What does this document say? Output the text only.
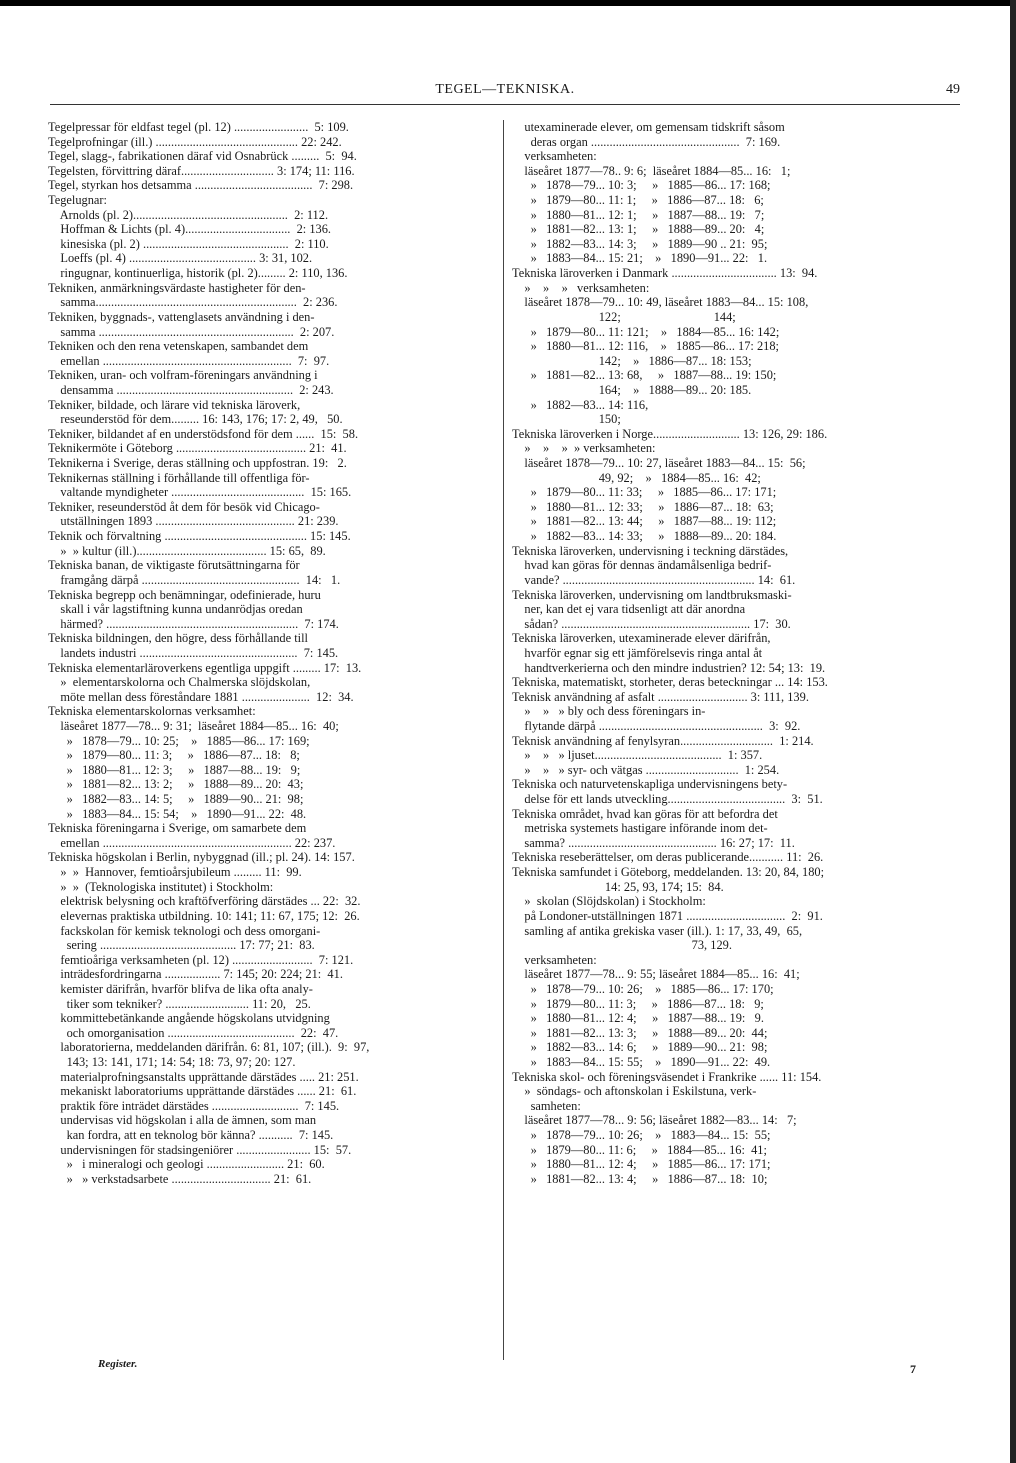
TEGEL—TEKNISKA.	49
Tegelpressar för eldfast tegel (pl. 12) ........................  5: 109.
Tegelprofningar (ill.) .............................................. 22: 242.
Tegel, slagg-, fabrikationen däraf vid Osnabrück .........  5:  94.
Tegelsten, förvittring däraf.............................. 3: 174; 11: 116.
Tegel, styrkan hos detsamma ......................................  7: 298.
Tegelugnar:
Arnolds (pl. 2)..................................................  2: 112.
Hoffman & Lichts (pl. 4)..................................  2: 136.
kinesiska (pl. 2) ...............................................  2: 110.
Loeffs (pl. 4) ......................................... 3: 31, 102.
ringugnar, kontinuerliga, historik (pl. 2)......... 2: 110, 136.
Tekniken, anmärkningsvärdaste hastigheter för den-
samma.................................................................  2: 236.
Tekniken, byggnads-, vattenglasets användning i den-
samma ...............................................................  2: 207.
Tekniken och den rena vetenskapen, sambandet dem
emellan .............................................................  7:  97.
Tekniken, uran- och volfram-föreningars användning i
densamma .........................................................  2: 243.
Tekniker, bildade, och lärare vid tekniska läroverk,
reseunderstöd för dem......... 16: 143, 176; 17: 2, 49,   50.
Tekniker, bildandet af en understödsfond för dem ......  15:  58.
Teknikermöte i Göteborg .......................................... 21:  41.
Teknikerna i Sverige, deras ställning och uppfostran. 19:   2.
Teknikernas ställning i förhållande till offentliga för-
valtande myndigheter ...........................................  15: 165.
Tekniker, reseunderstöd åt dem för besök vid Chicago-
utställningen 1893 ............................................. 21: 239.
Teknik och förvaltning .............................................. 15: 145.
»  » kultur (ill.).......................................... 15: 65,  89.
Tekniska banan, de viktigaste förutsättningarna för
framgång därpå ...................................................  14:   1.
Tekniska begrepp och benämningar, odefinierade, huru
skall i vår lagstiftning kunna undanrödjas oredan
härmed? ..............................................................  7: 174.
Tekniska bildningen, den högre, dess förhållande till
landets industri ...................................................  7: 145.
Tekniska elementarläroverkens egentliga uppgift ......... 17:  13.
»  elementarskolorna och Chalmerska slöjdskolan,
möte mellan dess föreståndare 1881 ......................  12:  34.
Tekniska elementarskolornas verksamhet:
läseåret 1877—78... 9: 31;  läseåret 1884—85... 16:  40;
»   1878—79... 10: 25;    »   1885—86... 17: 169;
»   1879—80... 11: 3;     »   1886—87... 18:   8;
»   1880—81... 12: 3;     »   1887—88... 19:   9;
»   1881—82... 13: 2;     »   1888—89... 20:  43;
»   1882—83... 14: 5;     »   1889—90... 21:  98;
»   1883—84... 15: 54;    »   1890—91... 22:  48.
Tekniska föreningarna i Sverige, om samarbete dem
emellan ............................................................. 22: 237.
Tekniska högskolan i Berlin, nybyggnad (ill.; pl. 24). 14: 157.
»  »  Hannover, femtioårsjubileum ......... 11:  99.
»  »  (Teknologiska institutet) i Stockholm:
elektrisk belysning och kraftöfverföring därstädes ... 22:  32.
elevernas praktiska utbildning. 10: 141; 11: 67, 175; 12:  26.
fackskolan för kemisk teknologi och dess omorgani-
sering ............................................ 17: 77; 21:  83.
femtioåriga verksamheten (pl. 12) ..........................  7: 121.
inträdesfordringarna .................. 7: 145; 20: 224; 21:  41.
kemister därifrån, hvarför blifva de lika ofta analy-
tiker som tekniker? ........................... 11: 20,   25.
kommittebetänkande angående högskolans utvidgning
och omorganisation .........................................  22:  47.
laboratorierna, meddelanden därifrån. 6: 81, 107; (ill.).  9:  97,
143; 13: 141, 171; 14: 54; 18: 73, 97; 20: 127.
materialprofningsanstalts upprättande därstädes ..... 21: 251.
mekaniskt laboratoriums upprättande därstädes ...... 21:  61.
praktik före inträdet därstädes ............................  7: 145.
undervisas vid högskolan i alla de ämnen, som man
kan fordra, att en teknolog bör känna? ...........  7: 145.
undervisningen för stadsingeniörer ........................ 15:  57.
»   i mineralogi och geologi ......................... 21:  60.
»   » verkstadsarbete ................................ 21:  61.
utexaminerade elever, om gemensam tidskrift såsom
deras organ ................................................  7: 169.
verksamheten:
läseåret 1877—78.. 9: 6;  läseåret 1884—85... 16:   1;
»   1878—79... 10: 3;     »   1885—86... 17: 168;
»   1879—80... 11: 1;     »   1886—87... 18:   6;
»   1880—81... 12: 1;     »   1887—88... 19:   7;
»   1881—82... 13: 1;     »   1888—89... 20:   4;
»   1882—83... 14: 3;     »   1889—90 .. 21:  95;
»   1883—84... 15: 21;    »   1890—91... 22:   1.
Tekniska läroverken i Danmark .................................. 13:  94.
»    »    »   verksamheten:
läseåret 1878—79... 10: 49, läseåret 1883—84... 15: 108,
122;                              144;
»   1879—80... 11: 121;    »   1884—85... 16: 142;
»   1880—81... 12: 116,    »   1885—86... 17: 218;
142;    »   1886—87... 18: 153;
»   1881—82... 13: 68,     »   1887—88... 19: 150;
164;    »   1888—89... 20: 185.
»   1882—83... 14: 116,
150;
Tekniska läroverken i Norge............................ 13: 126, 29: 186.
»    »    »  » verksamheten:
läseåret 1878—79... 10: 27, läseåret 1883—84... 15:  56;
49, 92;    »   1884—85... 16:  42;
»   1879—80... 11: 33;     »   1885—86... 17: 171;
»   1880—81... 12: 33;     »   1886—87... 18:  63;
»   1881—82... 13: 44;     »   1887—88... 19: 112;
»   1882—83... 14: 33;     »   1888—89... 20: 184.
Tekniska läroverken, undervisning i teckning därstädes,
hvad kan göras för dennas ändamålsenliga bedrif-
vande? .............................................................. 14:  61.
Tekniska läroverken, undervisning om landtbruksmaski-
ner, kan det ej vara tidsenligt att där anordna
sådan? ............................................................. 17:  30.
Tekniska läroverken, utexaminerade elever därifrån,
hvarför egnar sig ett jämförelsevis ringa antal åt
handtverkerierna och den mindre industrien? 12: 54; 13:  19.
Tekniska, matematiskt, storheter, deras beteckningar ... 14: 153.
Teknisk användning af asfalt ............................. 3: 111, 139.
»    »   » bly och dess föreningars in-
flytande därpå .....................................................  3:  92.
Teknisk användning af fenylsyran..............................  1: 214.
»    »   » ljuset.........................................  1: 357.
»    »   » syr- och vätgas ..............................  1: 254.
Tekniska och naturvetenskapliga undervisningens bety-
delse för ett lands utveckling......................................  3:  51.
Tekniska området, hvad kan göras för att befordra det
metriska systemets hastigare införande inom det-
samma? ................................................ 16: 27; 17:  11.
Tekniska reseberättelser, om deras publicerande........... 11:  26.
Tekniska samfundet i Göteborg, meddelanden. 13: 20, 84, 180;
14: 25, 93, 174; 15:  84.
»  skolan (Slöjdskolan) i Stockholm:
på Londoner-utställningen 1871 ................................  2:  91.
samling af antika grekiska vaser (ill.). 1: 17, 33, 49,  65,
73, 129.
verksamheten:
läseåret 1877—78... 9: 55; läseåret 1884—85... 16:  41;
»   1878—79... 10: 26;    »   1885—86... 17: 170;
»   1879—80... 11: 3;     »   1886—87... 18:   9;
»   1880—81... 12: 4;     »   1887—88... 19:   9.
»   1881—82... 13: 3;     »   1888—89... 20:  44;
»   1882—83... 14: 6;     »   1889—90... 21:  98;
»   1883—84... 15: 55;    »   1890—91... 22:  49.
Tekniska skol- och föreningsväsendet i Frankrike ...... 11: 154.
»  söndags- och aftonskolan i Eskilstuna, verk-
samheten:
läseåret 1877—78... 9: 56; läseåret 1882—83... 14:   7;
»   1878—79... 10: 26;    »   1883—84... 15:  55;
»   1879—80... 11: 6;     »   1884—85... 16:  41;
»   1880—81... 12: 4;     »   1885—86... 17: 171;
»   1881—82... 13: 4;     »   1886—87... 18:  10;
Register.	7
